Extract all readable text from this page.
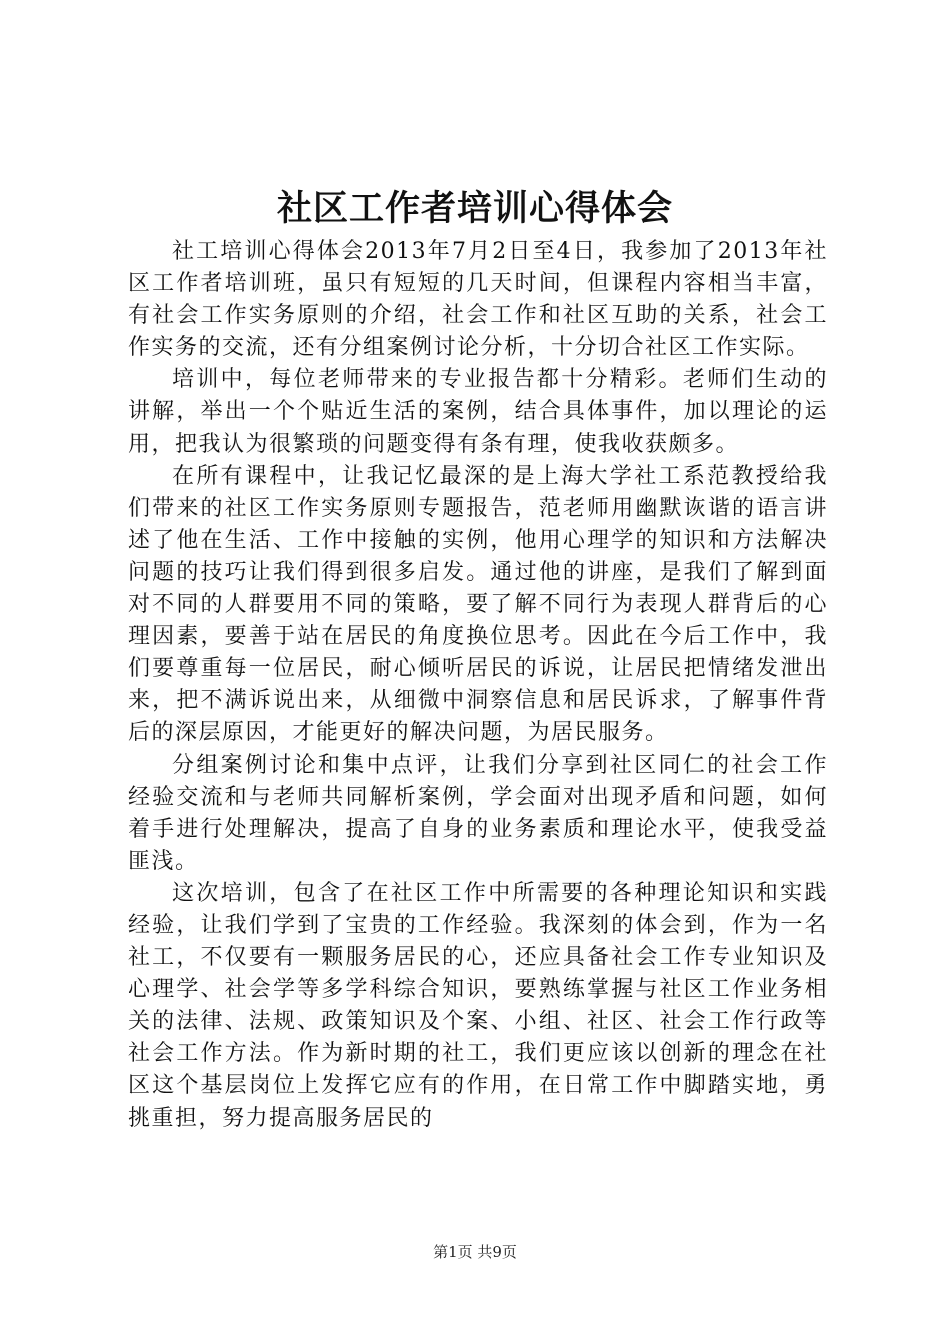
社区工作者培训心得体会

社工培训心得体会2013年7月2日至4日，我参加了2013年社区工作者培训班，虽只有短短的几天时间，但课程内容相当丰富，有社会工作实务原则的介绍，社会工作和社区互助的关系，社会工作实务的交流，还有分组案例讨论分析，十分切合社区工作实际。

培训中，每位老师带来的专业报告都十分精彩。老师们生动的讲解，举出一个个贴近生活的案例，结合具体事件，加以理论的运用，把我认为很繁琐的问题变得有条有理，使我收获颇多。

在所有课程中，让我记忆最深的是上海大学社工系范教授给我们带来的社区工作实务原则专题报告，范老师用幽默诙谐的语言讲述了他在生活、工作中接触的实例，他用心理学的知识和方法解决问题的技巧让我们得到很多启发。通过他的讲座，是我们了解到面对不同的人群要用不同的策略，要了解不同行为表现人群背后的心理因素，要善于站在居民的角度换位思考。因此在今后工作中，我们要尊重每一位居民，耐心倾听居民的诉说，让居民把情绪发泄出来，把不满诉说出来，从细微中洞察信息和居民诉求，了解事件背后的深层原因，才能更好的解决问题，为居民服务。

分组案例讨论和集中点评，让我们分享到社区同仁的社会工作经验交流和与老师共同解析案例，学会面对出现矛盾和问题，如何着手进行处理解决，提高了自身的业务素质和理论水平，使我受益匪浅。

这次培训，包含了在社区工作中所需要的各种理论知识和实践经验，让我们学到了宝贵的工作经验。我深刻的体会到，作为一名社工，不仅要有一颗服务居民的心，还应具备社会工作专业知识及心理学、社会学等多学科综合知识，要熟练掌握与社区工作业务相关的法律、法规、政策知识及个案、小组、社区、社会工作行政等社会工作方法。作为新时期的社工，我们更应该以创新的理念在社区这个基层岗位上发挥它应有的作用，在日常工作中脚踏实地，勇挑重担，努力提高服务居民的

第1页 共9页
